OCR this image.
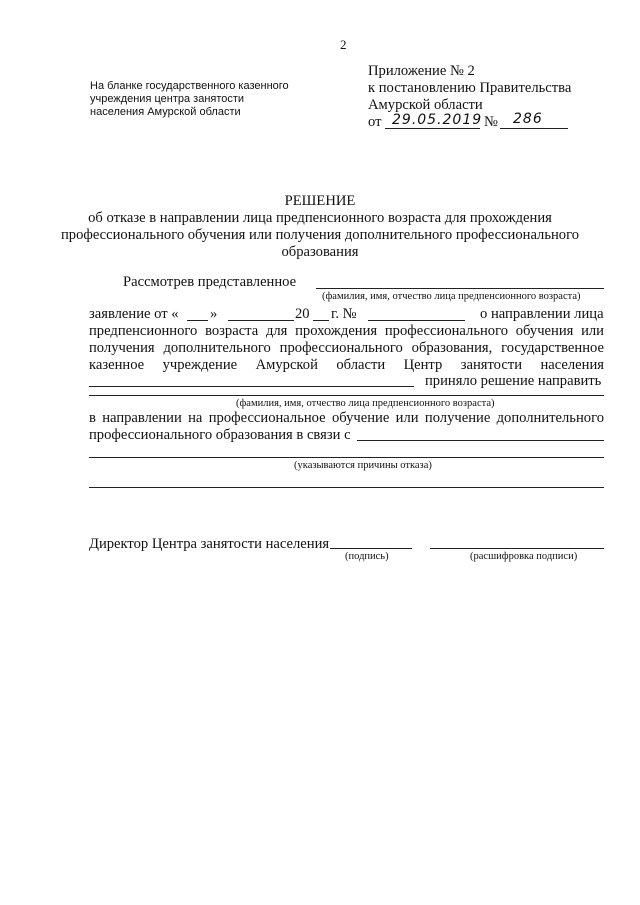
2
На бланке государственного казенного
учреждения центра занятости
населения Амурской области
Приложение № 2
к постановлению Правительства
Амурской области
от 29.05.2019 № 286
РЕШЕНИЕ
об отказе в направлении лица предпенсионного возраста для прохождения
профессионального обучения или получения дополнительного профессионального
образования
Рассмотрев представленное
(фамилия, имя, отчество лица предпенсионного возраста)
заявление от « »	20 г. №	о направлении лица
предпенсионного возраста для прохождения профессионального обучения или
получения дополнительного профессионального образования, государственное
казенное учреждение Амурской области Центр занятости населения
приняло решение направить
(фамилия, имя, отчество лица предпенсионного возраста)
в направлении на профессиональное обучение или получение дополнительного
профессионального образования в связи с
(указываются причины отказа)
Директор Центра занятости населения
(подпись)	(расшифровка подписи)
